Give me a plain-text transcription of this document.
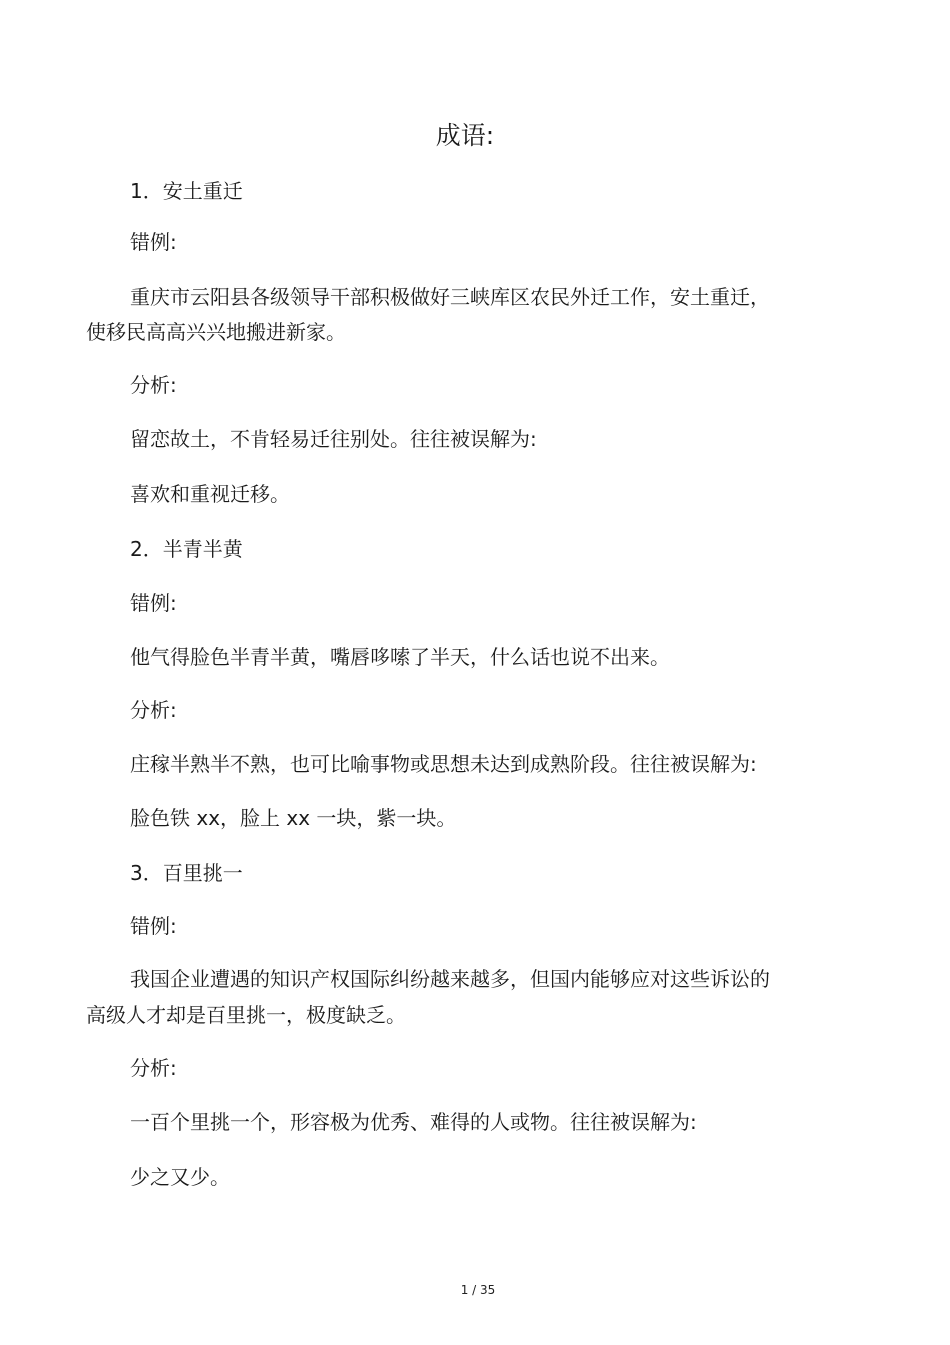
成语:
1．安土重迁
错例:
重庆市云阳县各级领导干部积极做好三峡库区农民外迁工作，安土重迁，
使移民高高兴兴地搬进新家。
分析:
留恋故土，不肯轻易迁往别处。往往被误解为:
喜欢和重视迁移。
2．半青半黄
错例:
他气得脸色半青半黄，嘴唇哆嗦了半天，什么话也说不出来。
分析:
庄稼半熟半不熟，也可比喻事物或思想未达到成熟阶段。往往被误解为:
脸色铁 xx，脸上 xx 一块，紫一块。
3．百里挑一
错例:
我国企业遭遇的知识产权国际纠纷越来越多，但国内能够应对这些诉讼的
高级人才却是百里挑一，极度缺乏。
分析:
一百个里挑一个，形容极为优秀、难得的人或物。往往被误解为:
少之又少。
1 / 35
